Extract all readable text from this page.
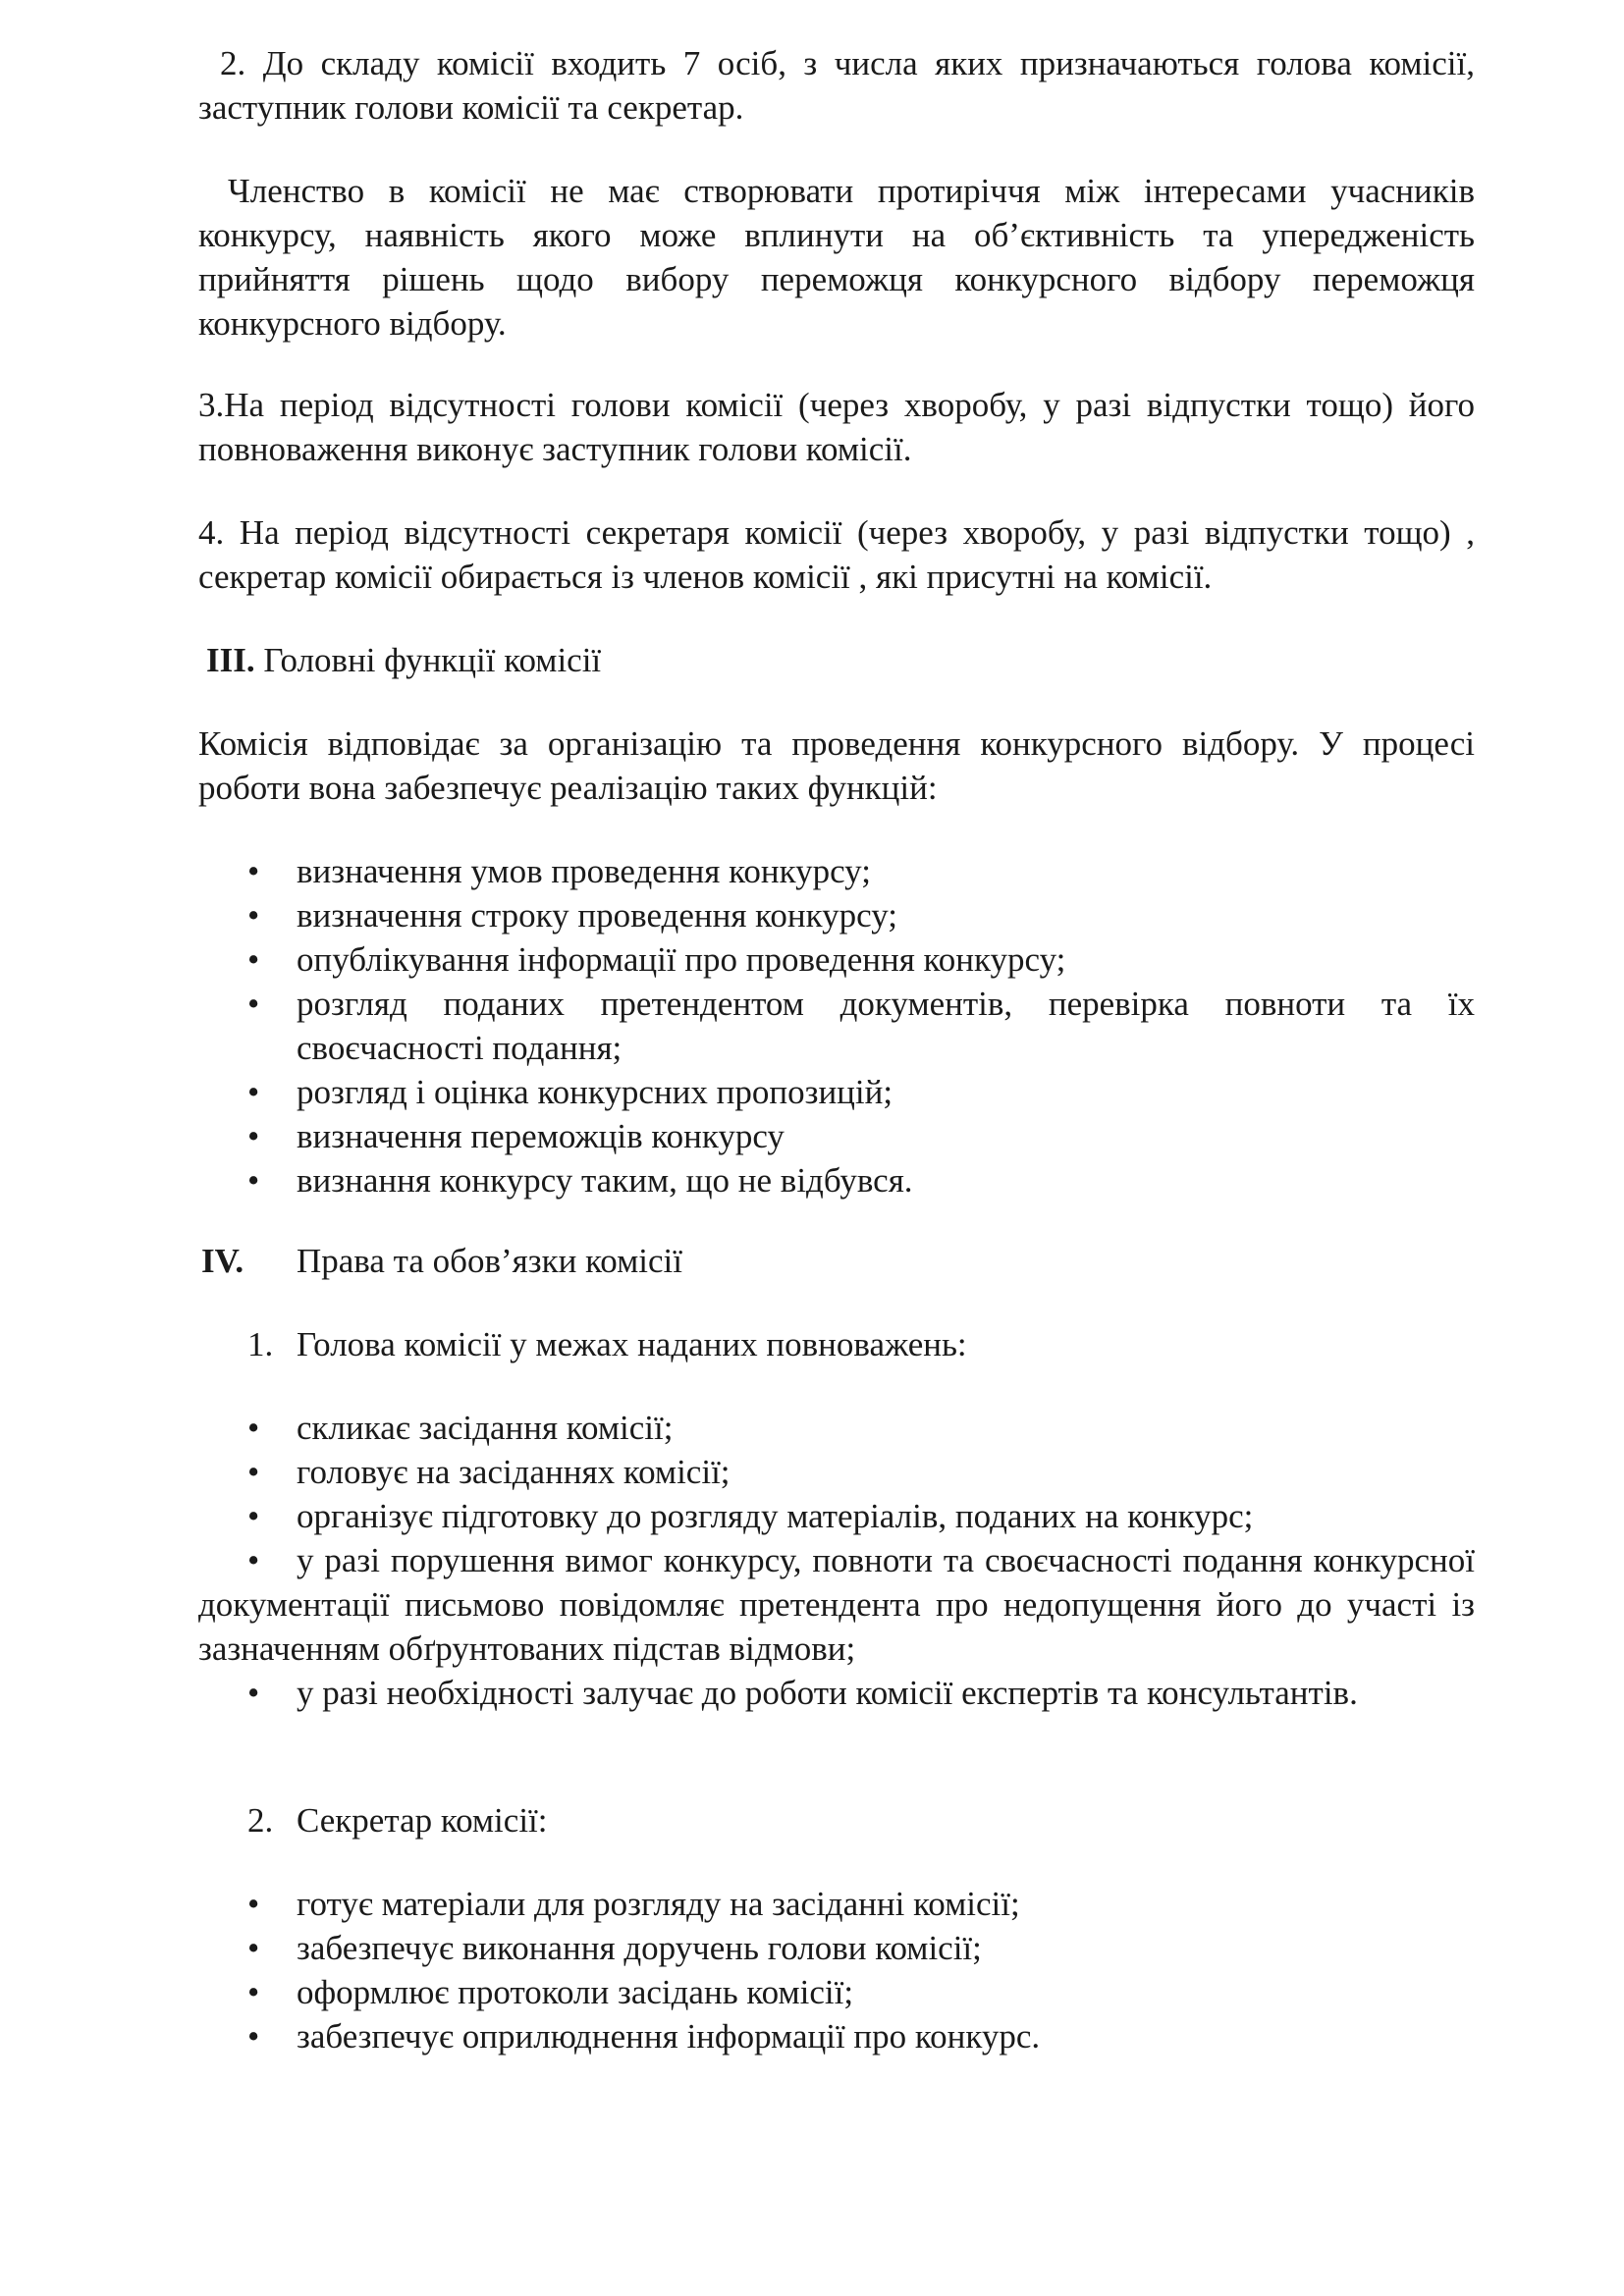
2. До складу комісії входить 7 осіб, з числа яких призначаються голова комісії, заступник голови комісії та секретар.

Членство в комісії не має створювати протиріччя між інтересами учасників конкурсу, наявність якого може вплинути на об’єктивність та упередженість прийняття рішень щодо вибору переможця конкурсного відбору переможця конкурсного відбору.

3.На період відсутності голови комісії (через хворобу, у разі відпустки тощо) його повноваження виконує заступник голови комісії.

4. На період відсутності секретаря комісії (через хворобу, у разі відпустки тощо) , секретар комісії обирається із членов комісії , які присутні на комісії.

ІІІ. Головні функції комісії

Комісія відповідає за організацію та проведення конкурсного відбору. У процесі роботи вона забезпечує реалізацію таких функцій:

• визначення умов проведення конкурсу;
• визначення строку проведення конкурсу;
• опублікування інформації про проведення конкурсу;
• розгляд поданих претендентом документів, перевірка повноти та їх своєчасності подання;
• розгляд і оцінка конкурсних пропозицій;
• визначення переможців конкурсу
• визнання конкурсу таким, що не відбувся.
IV. Права та обов’язки комісії
1. Голова комісії у межах наданих повноважень:
• скликає засідання комісії;
• головує на засіданнях комісії;
• організує підготовку до розгляду матеріалів, поданих на конкурс;

• у разі порушення вимог конкурсу, повноти та своєчасності подання конкурсної документації письмово повідомляє претендента про недопущення його до участі із зазначенням обґрунтованих підстав відмови;

• у разі необхідності залучає до роботи комісії експертів та консультантів.
2. Секретар комісії:
• готує матеріали для розгляду на засіданні комісії;
• забезпечує виконання доручень голови комісії;
• оформлює протоколи засідань комісії;
• забезпечує оприлюднення інформації про конкурс.
